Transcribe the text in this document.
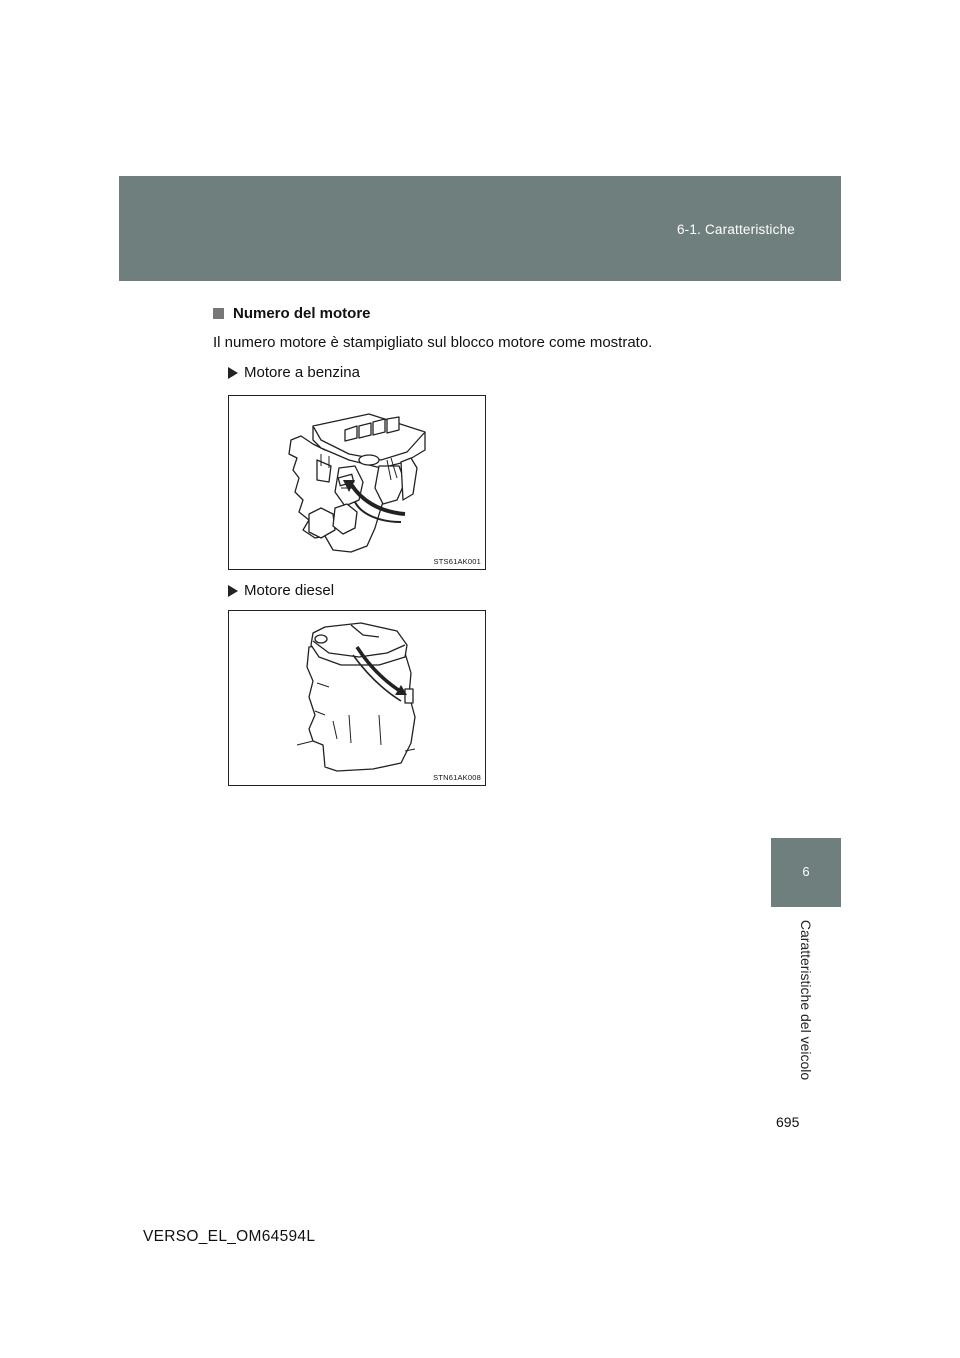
6-1. Caratteristiche
6
Caratteristiche del veicolo
Numero del motore
Il numero motore è stampigliato sul blocco motore come mostrato.
Motore a benzina
STS61AK001
Motore diesel
STN61AK008
695
VERSO_EL_OM64594L
